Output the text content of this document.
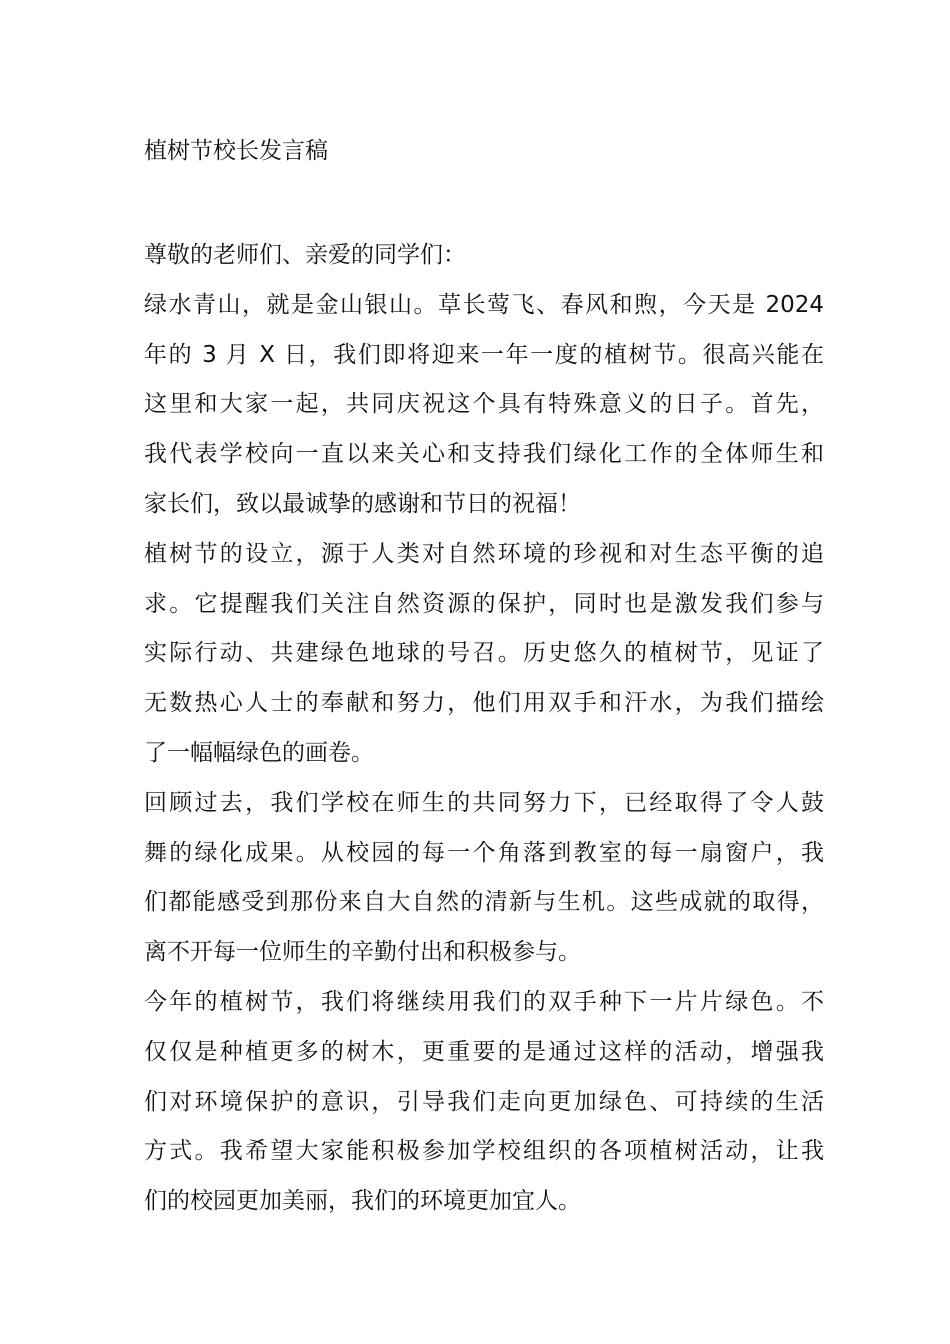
植树节校长发言稿
尊敬的老师们、亲爱的同学们：
绿水青山，就是金山银山。草长莺飞、春风和煦，今天是 2024
年的 3 月 X 日，我们即将迎来一年一度的植树节。很高兴能在
这里和大家一起，共同庆祝这个具有特殊意义的日子。首先，
我代表学校向一直以来关心和支持我们绿化工作的全体师生和
家长们，致以最诚挚的感谢和节日的祝福！
植树节的设立，源于人类对自然环境的珍视和对生态平衡的追
求。它提醒我们关注自然资源的保护，同时也是激发我们参与
实际行动、共建绿色地球的号召。历史悠久的植树节，见证了
无数热心人士的奉献和努力，他们用双手和汗水，为我们描绘
了一幅幅绿色的画卷。
回顾过去，我们学校在师生的共同努力下，已经取得了令人鼓
舞的绿化成果。从校园的每一个角落到教室的每一扇窗户，我
们都能感受到那份来自大自然的清新与生机。这些成就的取得，
离不开每一位师生的辛勤付出和积极参与。
今年的植树节，我们将继续用我们的双手种下一片片绿色。不
仅仅是种植更多的树木，更重要的是通过这样的活动，增强我
们对环境保护的意识，引导我们走向更加绿色、可持续的生活
方式。我希望大家能积极参加学校组织的各项植树活动，让我
们的校园更加美丽，我们的环境更加宜人。
